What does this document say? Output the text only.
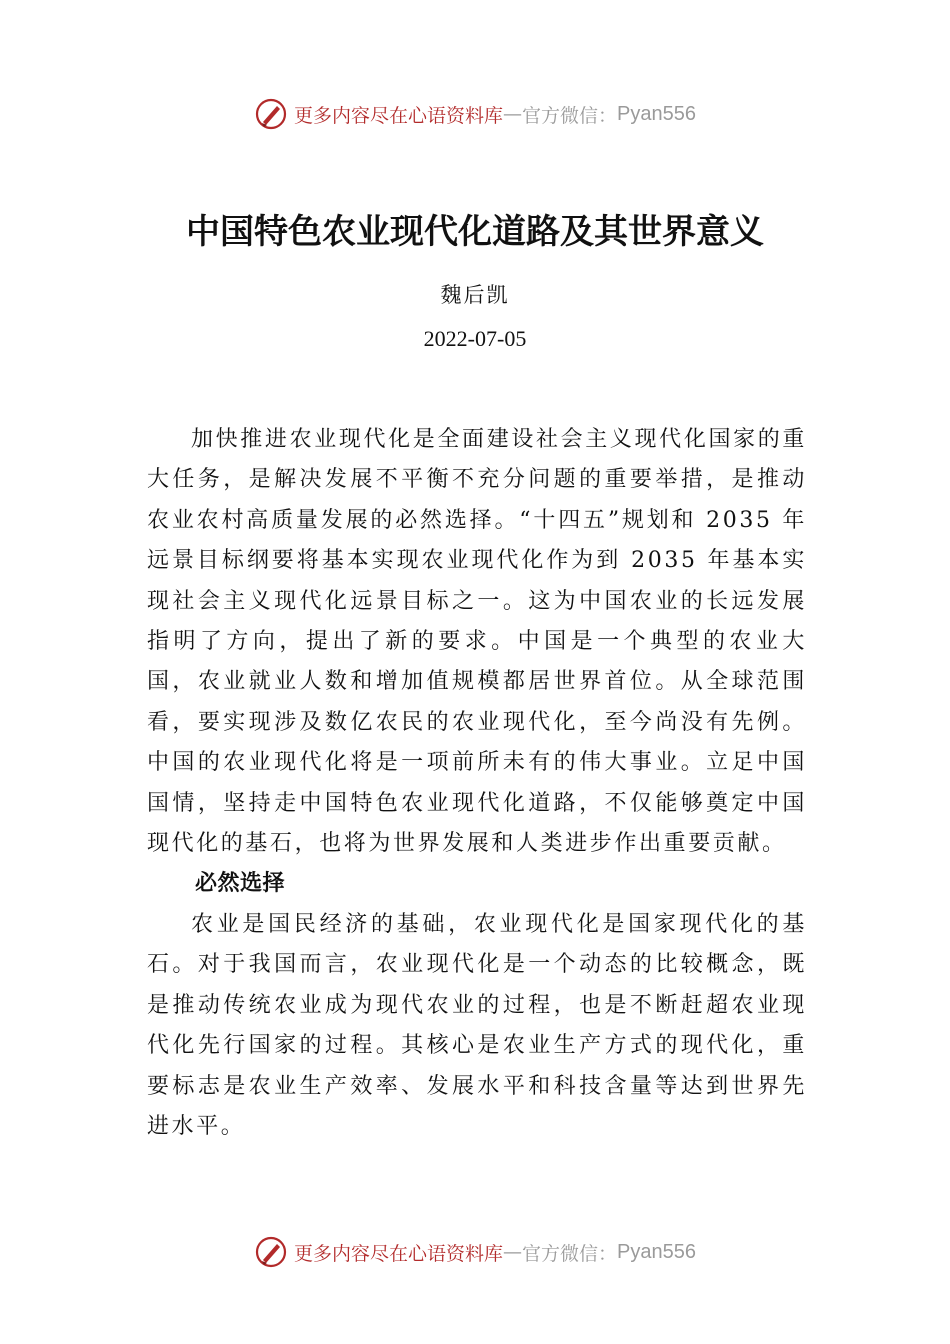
更多内容尽在心语资料库 — 官方微信： Pyan556
中国特色农业现代化道路及其世界意义
魏后凯
2022-07-05

加快推进农业现代化是全面建设社会主义现代化国家的重大任务，是解决发展不平衡不充分问题的重要举措，是推动农业农村高质量发展的必然选择。“十四五”规划和 2035 年远景目标纲要将基本实现农业现代化作为到 2035 年基本实现社会主义现代化远景目标之一。这为中国农业的长远发展指明了方向，提出了新的要求。中国是一个典型的农业大国，农业就业人数和增加值规模都居世界首位。从全球范围看，要实现涉及数亿农民的农业现代化，至今尚没有先例。 中国的农业现代化将是一项前所未有的伟大事业。立足中国国情，坚持走中国特色农业现代化道路，不仅能够奠定中国现代化的基石，也将为世界发展和人类进步作出重要贡献。

必然选择

农业是国民经济的基础，农业现代化是国家现代化的基石。对于我国而言，农业现代化是一个动态的比较概念，既是推动传统农业成为现代农业的过程，也是不断赶超农业现代化先行国家的过程。其核心是农业生产方式的现代化，重要标志是农业生产效率、发展水平和科技含量等达到世界先进水平。

更多内容尽在心语资料库 — 官方微信： Pyan556
